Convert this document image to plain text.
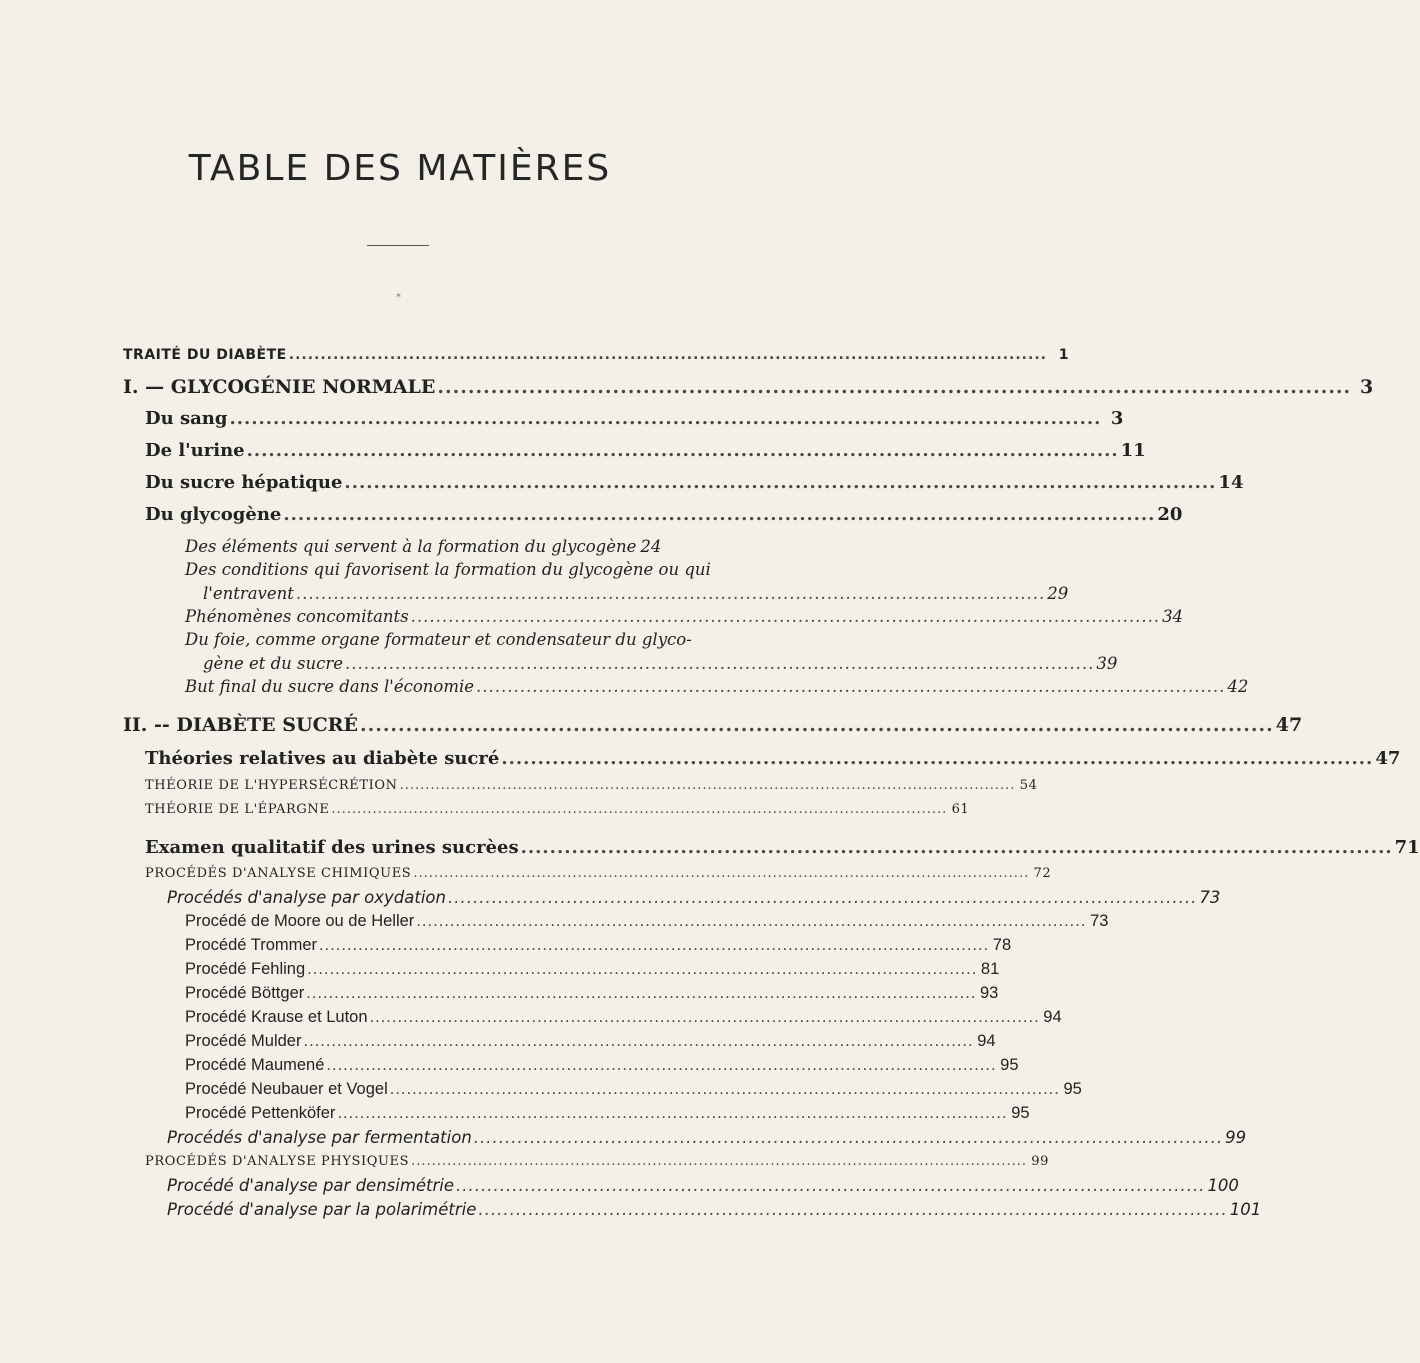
TABLE DES MATIÈRES
*
TRAITÉ DU DIABÈTE ........................................................................................................................ 1
I. — GLYCOGÉNIE NORMALE ........................................................................................................................ 3
Du sang ........................................................................................................................ 3
De l'urine ........................................................................................................................ 11
Du sucre hépatique ........................................................................................................................ 14
Du glycogène ........................................................................................................................ 20
Des éléments qui servent à la formation du glycogène 24
Des conditions qui favorisent la formation du glycogène ou qui
l'entravent ........................................................................................................................ 29
Phénomènes concomitants ........................................................................................................................ 34
Du foie, comme organe formateur et condensateur du glyco-
gène et du sucre ........................................................................................................................ 39
But final du sucre dans l'économie ........................................................................................................................ 42
II. -- DIABÈTE SUCRÉ ........................................................................................................................ 47
Théories relatives au diabète sucré ........................................................................................................................ 47
THÉORIE DE L'HYPERSÉCRÉTION ........................................................................................................................ 54
THÉORIE DE L'ÉPARGNE ........................................................................................................................ 61
Examen qualitatif des urines sucrèes ........................................................................................................................ 71
PROCÉDÉS D'ANALYSE CHIMIQUES ........................................................................................................................ 72
Procédés d'analyse par oxydation ........................................................................................................................ 73
Procédé de Moore ou de Heller ........................................................................................................................ 73
Procédé Trommer ........................................................................................................................ 78
Procédé Fehling ........................................................................................................................ 81
Procédé Böttger ........................................................................................................................ 93
Procédé Krause et Luton ........................................................................................................................ 94
Procédé Mulder ........................................................................................................................ 94
Procédé Maumené ........................................................................................................................ 95
Procédé Neubauer et Vogel ........................................................................................................................ 95
Procédé Pettenköfer ........................................................................................................................ 95
Procédés d'analyse par fermentation ........................................................................................................................ 99
PROCÉDÉS D'ANALYSE PHYSIQUES ........................................................................................................................ 99
Procédé d'analyse par densimétrie ........................................................................................................................ 100
Procédé d'analyse par la polarimétrie ........................................................................................................................ 101
